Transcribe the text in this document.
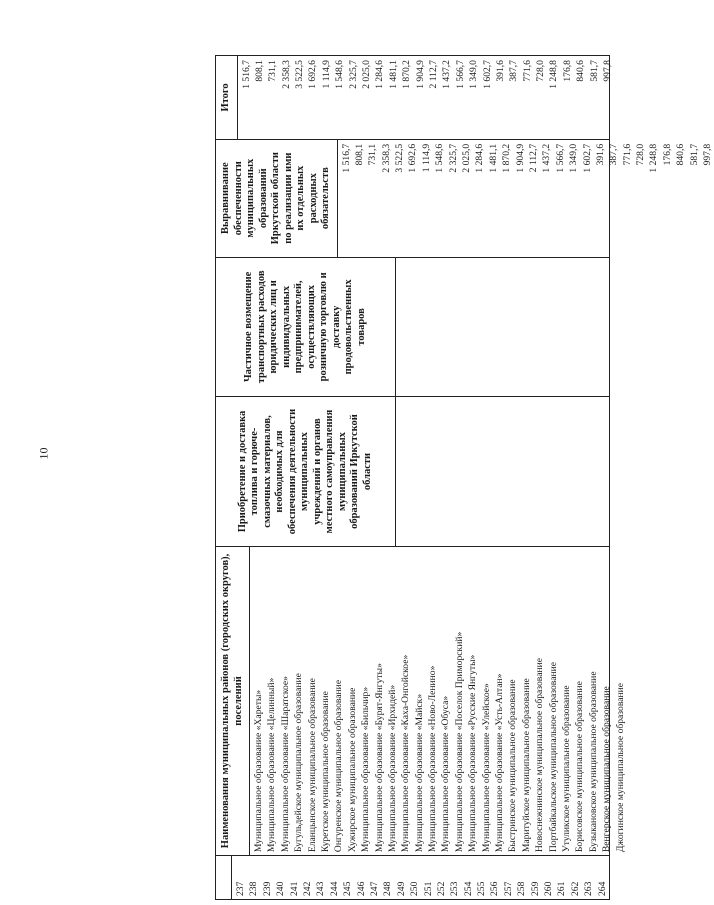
10
237 238 239 240 241 242 243 244 245 246 247 248 249 250 251 252 253 254 255 256 257 258 259 260 261 262 263 264
Наименования муниципальных районов (городских округов), поселений Муниципальное образование «Хареты» Муниципальное образование «Целинный» Муниципальное образование «Шаратское» Бугульдейское муниципальное образование Еланцынское муниципальное образование Куретское муниципальное образование Онгуренское муниципальное образование Хужирское муниципальное образование Муниципальное образование «Бильчир» Муниципальное образование «Бурят-Янгуты» Муниципальное образование «Ирхидей» Муниципальное образование «Каха-Онгойское» Муниципальное образование «Майск» Муниципальное образование «Ново-Ленино» Муниципальное образование «Обуса» Муниципальное образование «Поселок Приморский» Муниципальное образование «Русские Янгуты» Муниципальное образование «Улейское» Муниципальное образование «Усть-Алтан» Быстринское муниципальное образование Маритуйское муниципальное образование Новоснежнинское муниципальное образование Портбайкальское муниципальное образование Утуликское муниципальное образование Борисовское муниципальное образование Бузыкановское муниципальное образование Венгерское муниципальное образование Джогинское муниципальное образование
Приобретение и доставка топлива и горюче-смазочных материалов, необходимых для обеспечения деятельности муниципальных учреждений и органов местного самоуправления муниципальных образований Иркутской области
Частичное возмещение транспортных расходов юридических лиц и индивидуальных предпринимателей, осуществляющих розничную торговлю и доставку продовольственных товаров
Выравнивание обеспеченности муниципальных образований Иркутской области по реализации ими их отдельных расходных обязательств
1 516,7 808,1 731,1 2 358,3 3 522,5 1 692,6 1 114,9 1 548,6 2 325,7 2 025,0 1 284,6 1 481,1 1 870,2 1 904,9 2 112,7 1 437,2 1 566,7 1 349,0 1 602,7 391,6 387,7 771,6 728,0 1 248,8 176,8 840,6 581,7 997,8
Итого
1 516,7 808,1 731,1 2 358,3 3 522,5 1 692,6 1 114,9 1 548,6 2 325,7 2 025,0 1 284,6 1 481,1 1 870,2 1 904,9 2 112,7 1 437,2 1 566,7 1 349,0 1 602,7 391,6 387,7 771,6 728,0 1 248,8 176,8 840,6 581,7 997,8
